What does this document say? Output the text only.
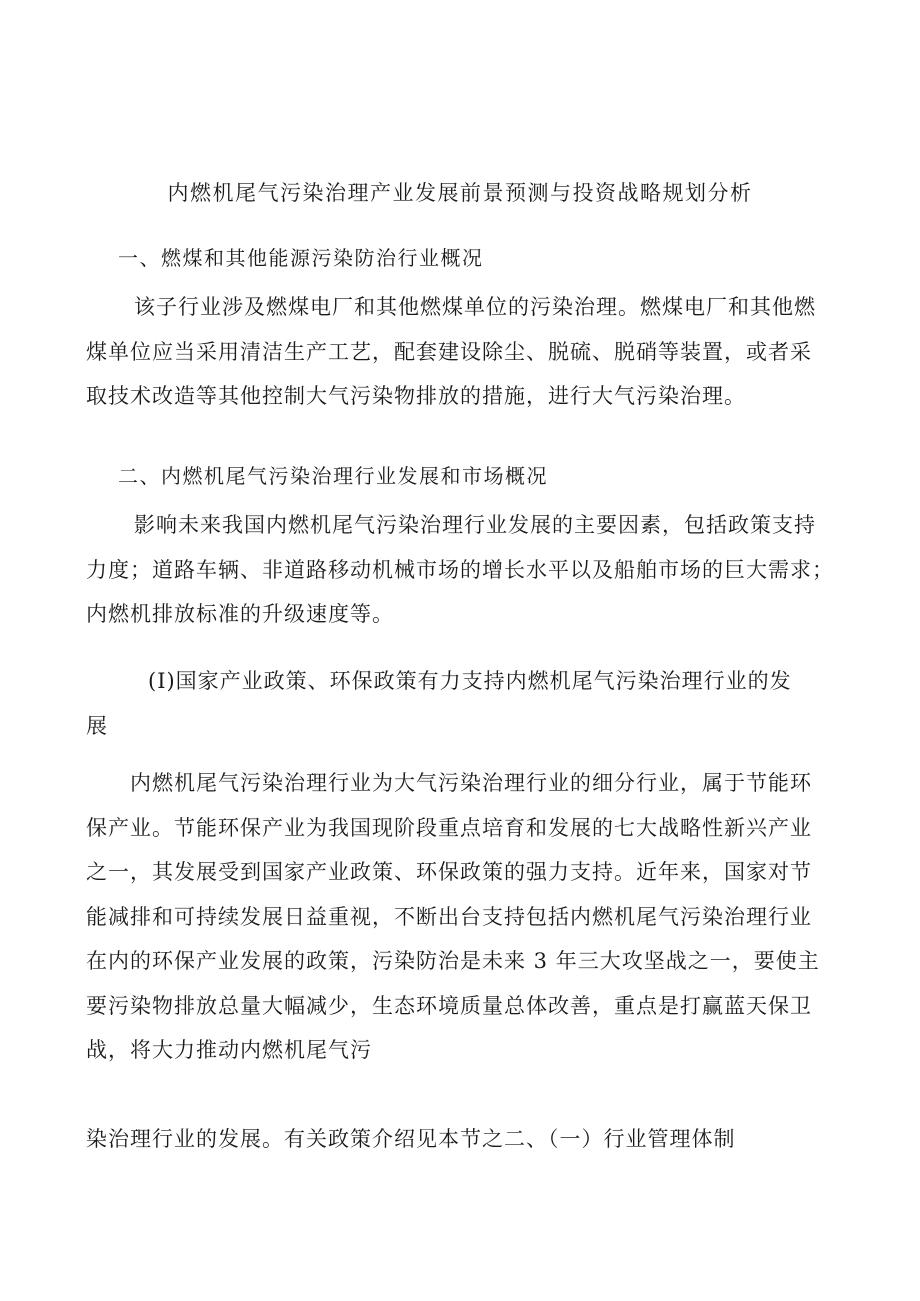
内燃机尾气污染治理产业发展前景预测与投资战略规划分析
一、燃煤和其他能源污染防治行业概况
该子行业涉及燃煤电厂和其他燃煤单位的污染治理。燃煤电厂和其他燃
煤单位应当采用清洁生产工艺，配套建设除尘、脱硫、脱硝等装置，或者采
取技术改造等其他控制大气污染物排放的措施，进行大气污染治理。
二、内燃机尾气污染治理行业发展和市场概况
影响未来我国内燃机尾气污染治理行业发展的主要因素，包括政策支持
力度；道路车辆、非道路移动机械市场的增长水平以及船舶市场的巨大需求；
内燃机排放标准的升级速度等。
(I)国家产业政策、环保政策有力支持内燃机尾气污染治理行业的发
展
内燃机尾气污染治理行业为大气污染治理行业的细分行业，属于节能环
保产业。节能环保产业为我国现阶段重点培育和发展的七大战略性新兴产业
之一，其发展受到国家产业政策、环保政策的强力支持。近年来，国家对节
能减排和可持续发展日益重视，不断出台支持包括内燃机尾气污染治理行业
在内的环保产业发展的政策，污染防治是未来 3 年三大攻坚战之一，要使主
要污染物排放总量大幅减少，生态环境质量总体改善，重点是打赢蓝天保卫
战，将大力推动内燃机尾气污
染治理行业的发展。有关政策介绍见本节之二、（一）行业管理体制
